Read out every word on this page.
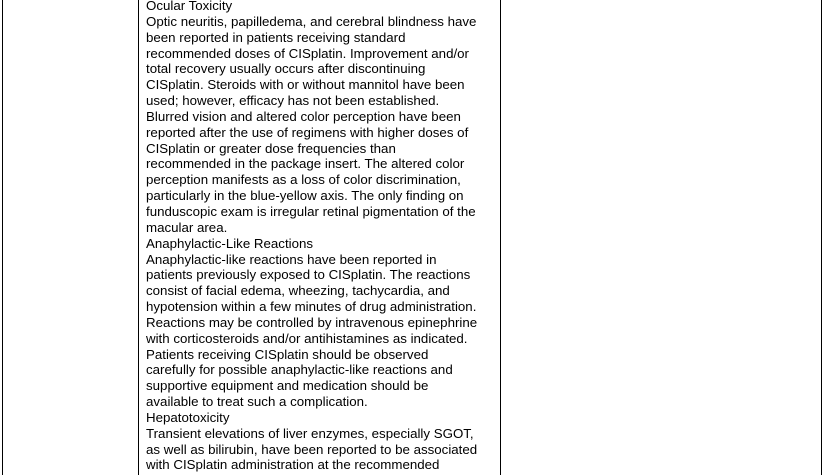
Ocular Toxicity
Optic neuritis, papilledema, and cerebral blindness have
been reported in patients receiving standard
recommended doses of CISplatin. Improvement and/or
total recovery usually occurs after discontinuing
CISplatin. Steroids with or without mannitol have been
used; however, efficacy has not been established.
Blurred vision and altered color perception have been
reported after the use of regimens with higher doses of
CISplatin or greater dose frequencies than
recommended in the package insert. The altered color
perception manifests as a loss of color discrimination,
particularly in the blue-yellow axis. The only finding on
funduscopic exam is irregular retinal pigmentation of the
macular area.
Anaphylactic-Like Reactions
Anaphylactic-like reactions have been reported in
patients previously exposed to CISplatin. The reactions
consist of facial edema, wheezing, tachycardia, and
hypotension within a few minutes of drug administration.
Reactions may be controlled by intravenous epinephrine
with corticosteroids and/or antihistamines as indicated.
Patients receiving CISplatin should be observed
carefully for possible anaphylactic-like reactions and
supportive equipment and medication should be
available to treat such a complication.
Hepatotoxicity
Transient elevations of liver enzymes, especially SGOT,
as well as bilirubin, have been reported to be associated
with CISplatin administration at the recommended
